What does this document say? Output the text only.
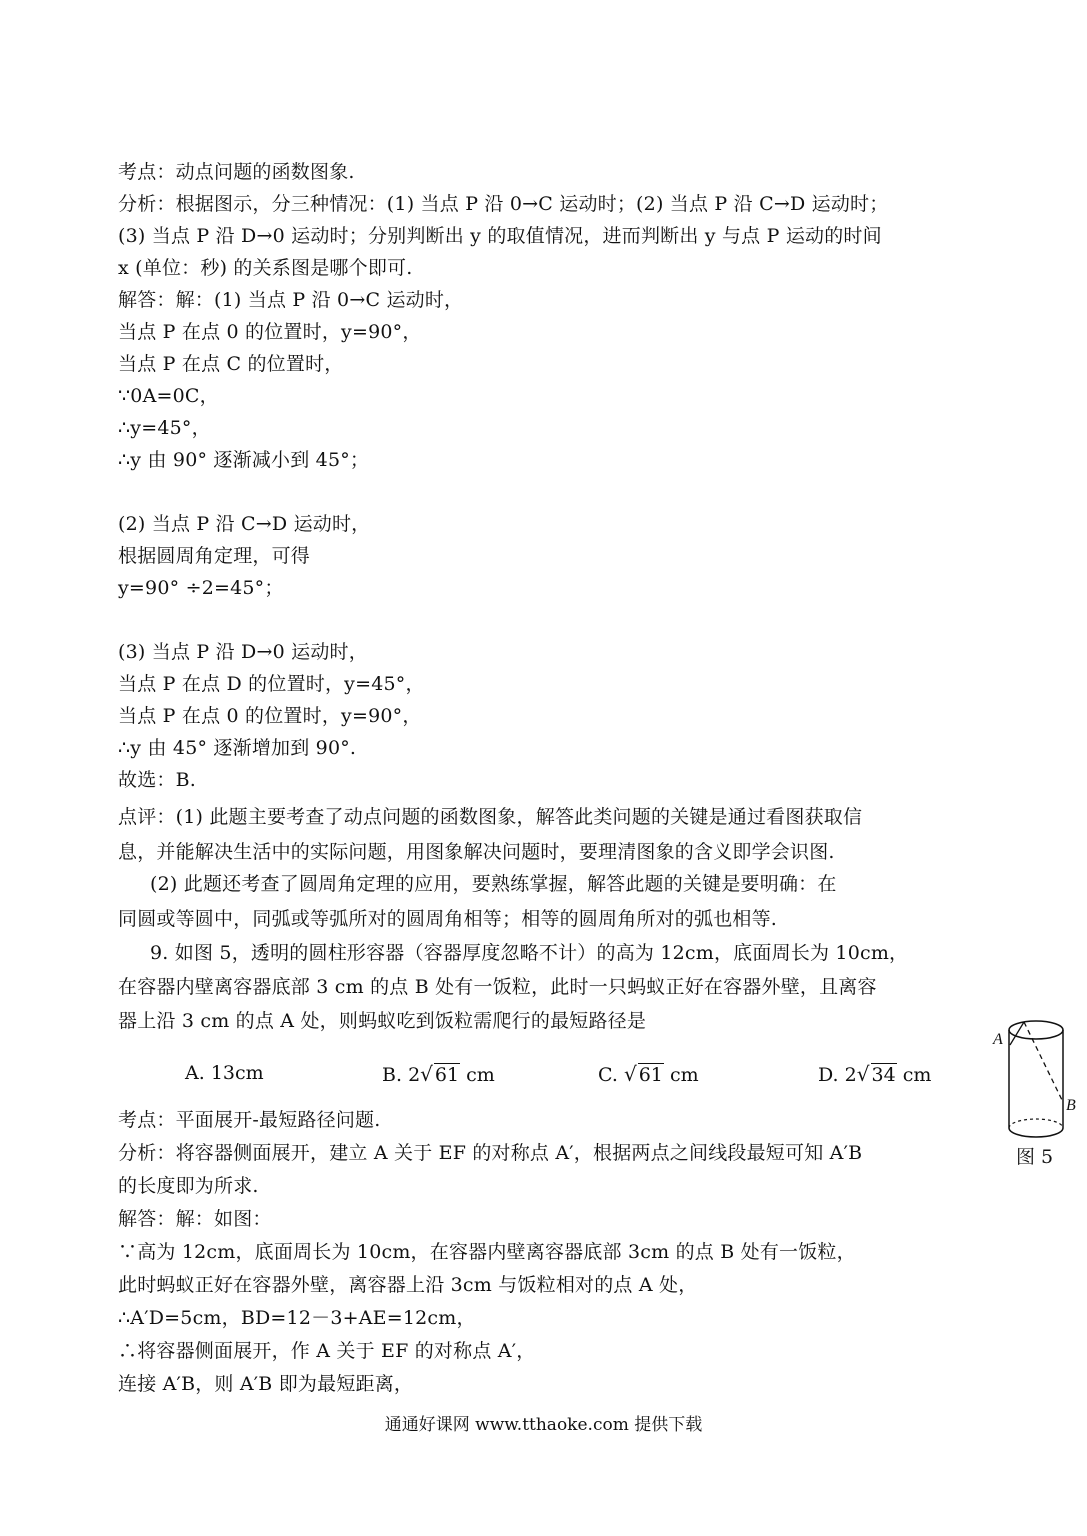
考点：动点问题的函数图象.
分析：根据图示，分三种情况：(1) 当点 P 沿 0→C 运动时；(2) 当点 P 沿 C→D 运动时；
(3) 当点 P 沿 D→0 运动时；分别判断出 y 的取值情况，进而判断出 y 与点 P 运动的时间
x (单位：秒) 的关系图是哪个即可.
解答：解：(1) 当点 P 沿 0→C 运动时，
当点 P 在点 0 的位置时，y=90°，
当点 P 在点 C 的位置时，
∵0A=0C，
∴y=45°，
∴y 由 90° 逐渐减小到 45°；
(2) 当点 P 沿 C→D 运动时，
根据圆周角定理，可得
y=90° ÷2=45°；
(3) 当点 P 沿 D→0 运动时，
当点 P 在点 D 的位置时，y=45°，
当点 P 在点 0 的位置时，y=90°，
∴y 由 45° 逐渐增加到 90°.
故选：B.
点评：(1) 此题主要考查了动点问题的函数图象，解答此类问题的关键是通过看图获取信
息，并能解决生活中的实际问题，用图象解决问题时，要理清图象的含义即学会识图.
(2) 此题还考查了圆周角定理的应用，要熟练掌握，解答此题的关键是要明确：在
同圆或等圆中，同弧或等弧所对的圆周角相等；相等的圆周角所对的弧也相等.
9. 如图 5，透明的圆柱形容器（容器厚度忽略不计）的高为 12cm，底面周长为 10cm，
在容器内壁离容器底部 3 cm 的点 B 处有一饭粒，此时一只蚂蚁正好在容器外壁，且离容
器上沿 3 cm 的点 A 处，则蚂蚁吃到饭粒需爬行的最短路径是
A. 13cm	B. 2√ 61 cm	C. √ 61 cm	D. 2√ 34 cm
A
B
图 5
考点：平面展开-最短路径问题.
分析：将容器侧面展开，建立 A 关于 EF 的对称点 A′，根据两点之间线段最短可知 A′B
的长度即为所求.
解答：解：如图：
∵高为 12cm，底面周长为 10cm，在容器内壁离容器底部 3cm 的点 B 处有一饭粒，
此时蚂蚁正好在容器外壁，离容器上沿 3cm 与饭粒相对的点 A 处，
∴A′D=5cm，BD=12－3+AE=12cm，
∴将容器侧面展开，作 A 关于 EF 的对称点 A′，
连接 A′B，则 A′B 即为最短距离，
通通好课网 www.tthaoke.com 提供下载
